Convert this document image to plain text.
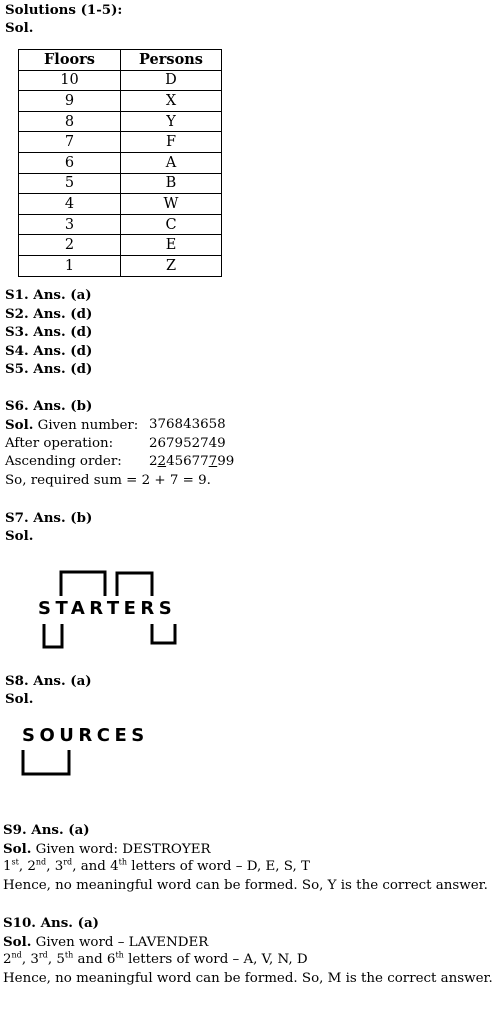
Solutions (1-5):
Sol.
Floors	Persons
10	D
9	X
8	Y
7	F
6	A
5	B
4	W
3	C
2	E
1	Z
S1. Ans. (a)
S2. Ans. (d)
S3. Ans. (d)
S4. Ans. (d)
S5. Ans. (d)
S6. Ans. (b)
Sol. Given number: 376843658
After operation:	267952749
Ascending order: 2245677799
So, required sum = 2 + 7 = 9.
S7. Ans. (b)
Sol.
STARTERS
S8. Ans. (a)
Sol.
SOURCES
S9. Ans. (a)
Sol. Given word: DESTROYER
1st, 2nd, 3rd, and 4th letters of word – D, E, S, T
Hence, no meaningful word can be formed. So, Y is the correct answer.
S10. Ans. (a)
Sol. Given word – LAVENDER
2nd, 3rd, 5th and 6th letters of word – A, V, N, D
Hence, no meaningful word can be formed. So, M is the correct answer.
